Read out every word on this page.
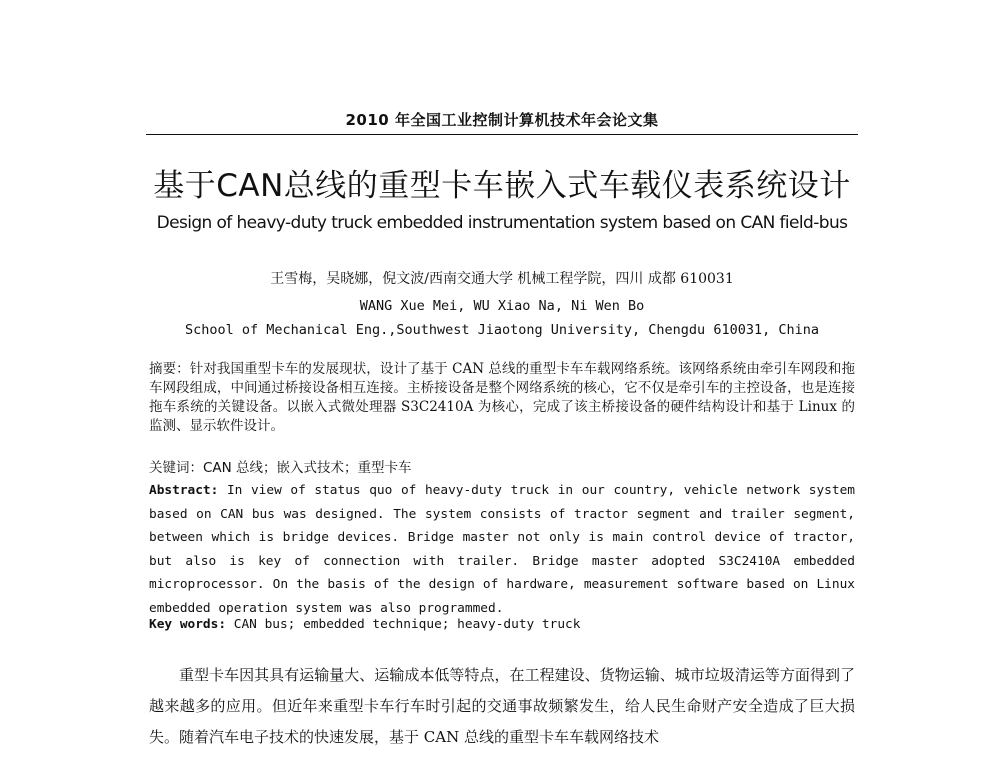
2010 年全国工业控制计算机技术年会论文集
基于CAN总线的重型卡车嵌入式车载仪表系统设计
Design of heavy-duty truck embedded instrumentation system based on CAN field-bus
王雪梅，吴晓娜，倪文波/西南交通大学 机械工程学院，四川 成都 610031
WANG Xue Mei, WU Xiao Na, Ni Wen Bo
School of Mechanical Eng.,Southwest Jiaotong University, Chengdu 610031, China

摘要：针对我国重型卡车的发展现状，设计了基于 CAN 总线的重型卡车车载网络系统。该网络系统由牵引车网段和拖车网段组成，中间通过桥接设备相互连接。主桥接设备是整个网络系统的核心，它不仅是牵引车的主控设备，也是连接拖车系统的关键设备。以嵌入式微处理器 S3C2410A 为核心，完成了该主桥接设备的硬件结构设计和基于 Linux 的监测、显示软件设计。

关键词：CAN 总线；嵌入式技术；重型卡车

Abstract: In view of status quo of heavy-duty truck in our country, vehicle network system based on CAN bus was designed. The system consists of tractor segment and trailer segment, between which is bridge devices. Bridge master not only is main control device of tractor, but also is key of connection with trailer. Bridge master adopted S3C2410A embedded microprocessor. On the basis of the design of hardware, measurement software based on Linux embedded operation system was also programmed.

Key words: CAN bus; embedded technique; heavy-duty truck

重型卡车因其具有运输量大、运输成本低等特点，在工程建设、货物运输、城市垃圾清运等方面得到了越来越多的应用。但近年来重型卡车行车时引起的交通事故频繁发生，给人民生命财产安全造成了巨大损失。随着汽车电子技术的快速发展，基于 CAN 总线的重型卡车车载网络技术
